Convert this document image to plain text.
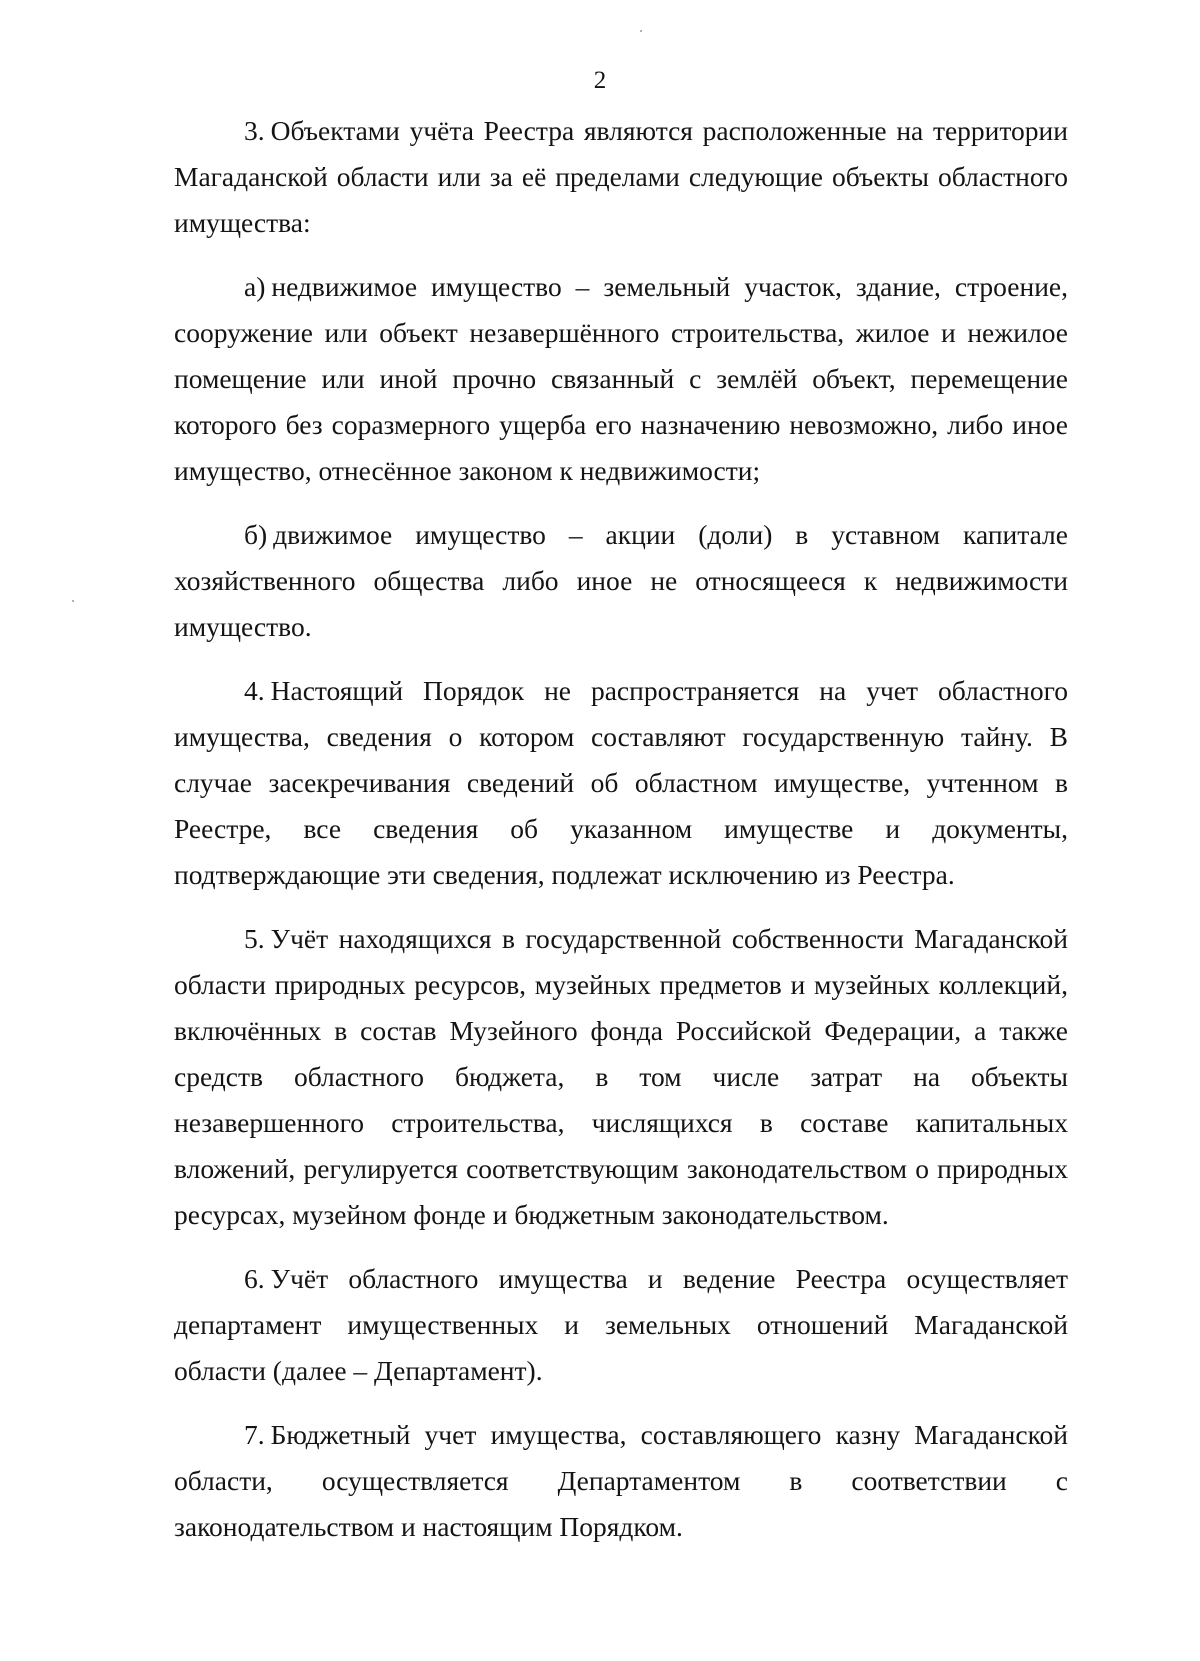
2

3. Объектами учёта Реестра являются расположенные на территории Магаданской области или за её пределами следующие объекты областного имущества:

а) недвижимое имущество – земельный участок, здание, строение, сооружение или объект незавершённого строительства, жилое и нежилое помещение или иной прочно связанный с землёй объект, перемещение которого без соразмерного ущерба его назначению невозможно, либо иное имущество, отнесённое законом к недвижимости;

б) движимое имущество – акции (доли) в уставном капитале хозяйственного общества либо иное не относящееся к недвижимости имущество.

4. Настоящий Порядок не распространяется на учет областного имущества, сведения о котором составляют государственную тайну. В случае засекречивания сведений об областном имуществе, учтенном в Реестре, все сведения об указанном имуществе и документы, подтверждающие эти сведения, подлежат исключению из Реестра.

5. Учёт находящихся в государственной собственности Магаданской области природных ресурсов, музейных предметов и музейных коллекций, включённых в состав Музейного фонда Российской Федерации, а также средств областного бюджета, в том числе затрат на объекты незавершенного строительства, числящихся в составе капитальных вложений, регулируется соответствующим законодательством о природных ресурсах, музейном фонде и бюджетным законодательством.

6. Учёт областного имущества и ведение Реестра осуществляет департамент имущественных и земельных отношений Магаданской области (далее – Департамент).

7. Бюджетный учет имущества, составляющего казну Магаданской области, осуществляется Департаментом в соответствии с законодательством и настоящим Порядком.
